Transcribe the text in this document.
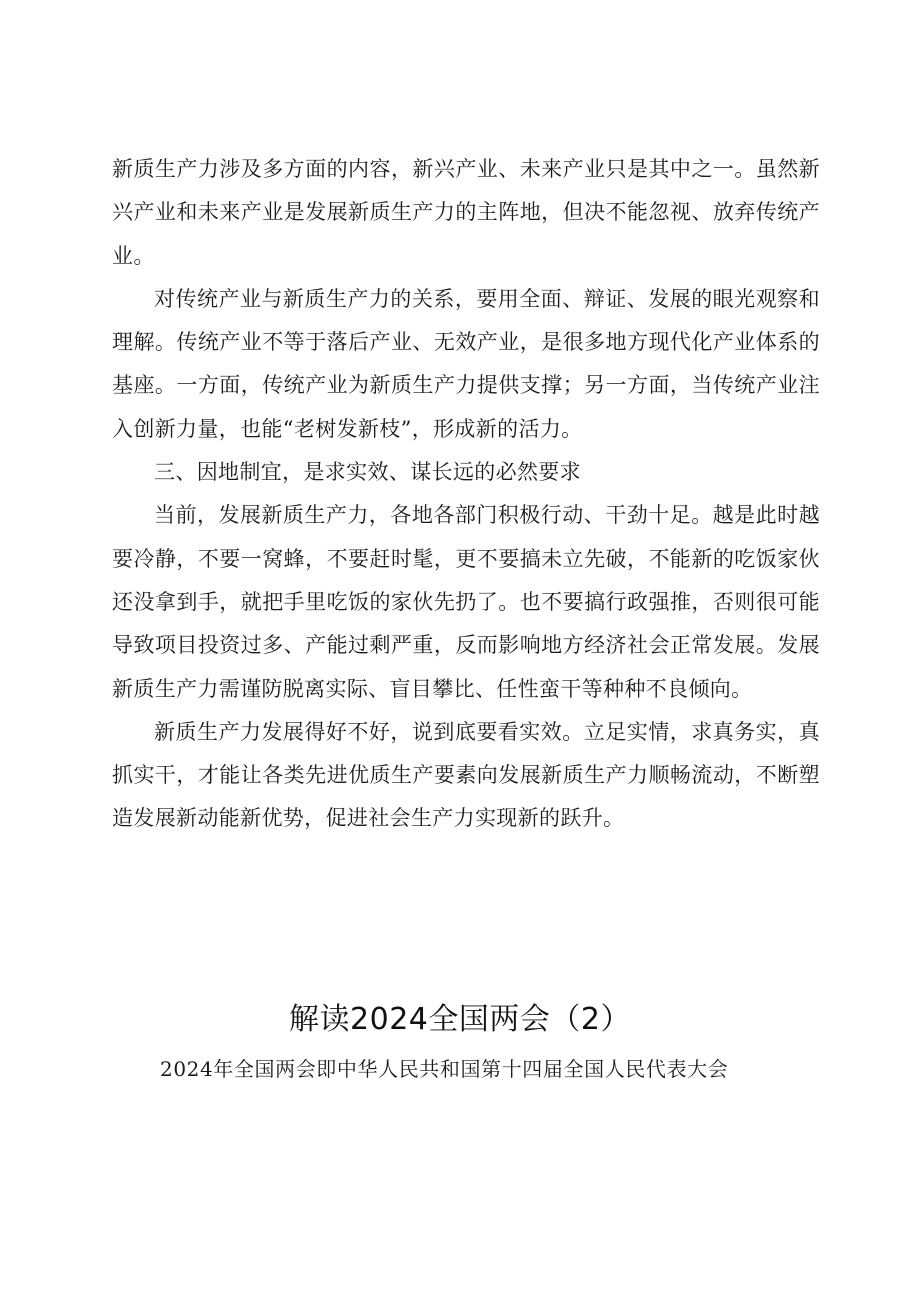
新质生产力涉及多方面的内容，新兴产业、未来产业只是其中之一。虽然新兴产业和未来产业是发展新质生产力的主阵地，但决不能忽视、放弃传统产业。

对传统产业与新质生产力的关系，要用全面、辩证、发展的眼光观察和理解。传统产业不等于落后产业、无效产业，是很多地方现代化产业体系的基座。一方面，传统产业为新质生产力提供支撑；另一方面，当传统产业注入创新力量，也能“老树发新枝”，形成新的活力。

三、因地制宜，是求实效、谋长远的必然要求

当前，发展新质生产力，各地各部门积极行动、干劲十足。越是此时越要冷静，不要一窝蜂，不要赶时髦，更不要搞未立先破，不能新的吃饭家伙还没拿到手，就把手里吃饭的家伙先扔了。也不要搞行政强推，否则很可能导致项目投资过多、产能过剩严重，反而影响地方经济社会正常发展。发展新质生产力需谨防脱离实际、盲目攀比、任性蛮干等种种不良倾向。

新质生产力发展得好不好，说到底要看实效。立足实情，求真务实，真抓实干，才能让各类先进优质生产要素向发展新质生产力顺畅流动，不断塑造发展新动能新优势，促进社会生产力实现新的跃升。

解读2024全国两会（2）
2024年全国两会即中华人民共和国第十四届全国人民代表大会
